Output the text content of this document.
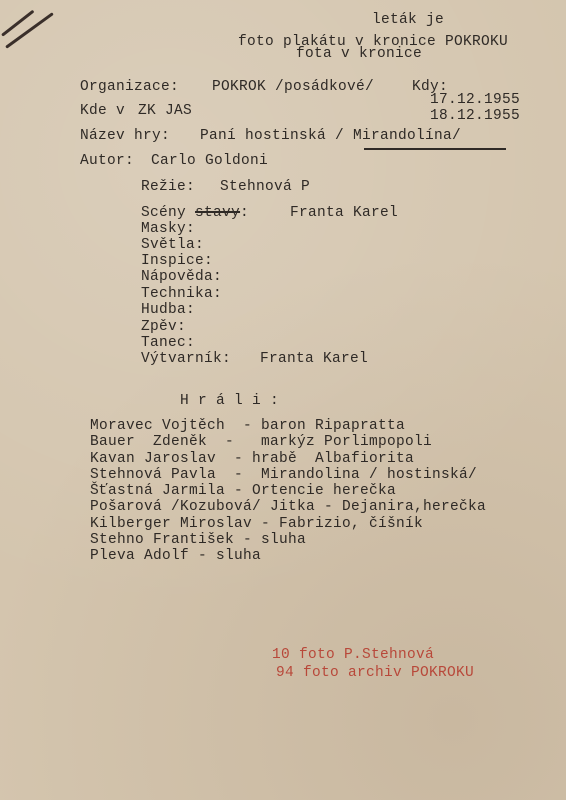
leták je
foto plakátu v kronice POKROKU
fota v kronice
Organizace: POKROK /posádkové/	Kdy:
17.12.1955
18.12.1955
Kde v ZK JAS
Název hry: Paní hostinská / Mirandolína/
Autor: Carlo Goldoni
Režie: Stehnová P
Scény stavy:	Franta Karel
Masky:
Světla:
Inspice:
Nápověda:
Technika:
Hudba:
Zpěv:
Tanec:
Výtvarník: Franta Karel
H r á l i :
Moravec Vojtěch  - baron Ripapratta
Bauer  Zdeněk  -   markýz Porlimpopoli
Kavan Jaroslav  - hrabě  Albafiorita
Stehnová Pavla  -  Mirandolina / hostinská/
Šťastná Jarmila - Ortencie herečka
Pošarová /Kozubová/ Jitka - Dejanira,herečka
Kilberger Miroslav - Fabrizio, číšník
Stehno František - sluha
Pleva Adolf - sluha
10 foto P.Stehnová
94 foto archiv POKROKU
